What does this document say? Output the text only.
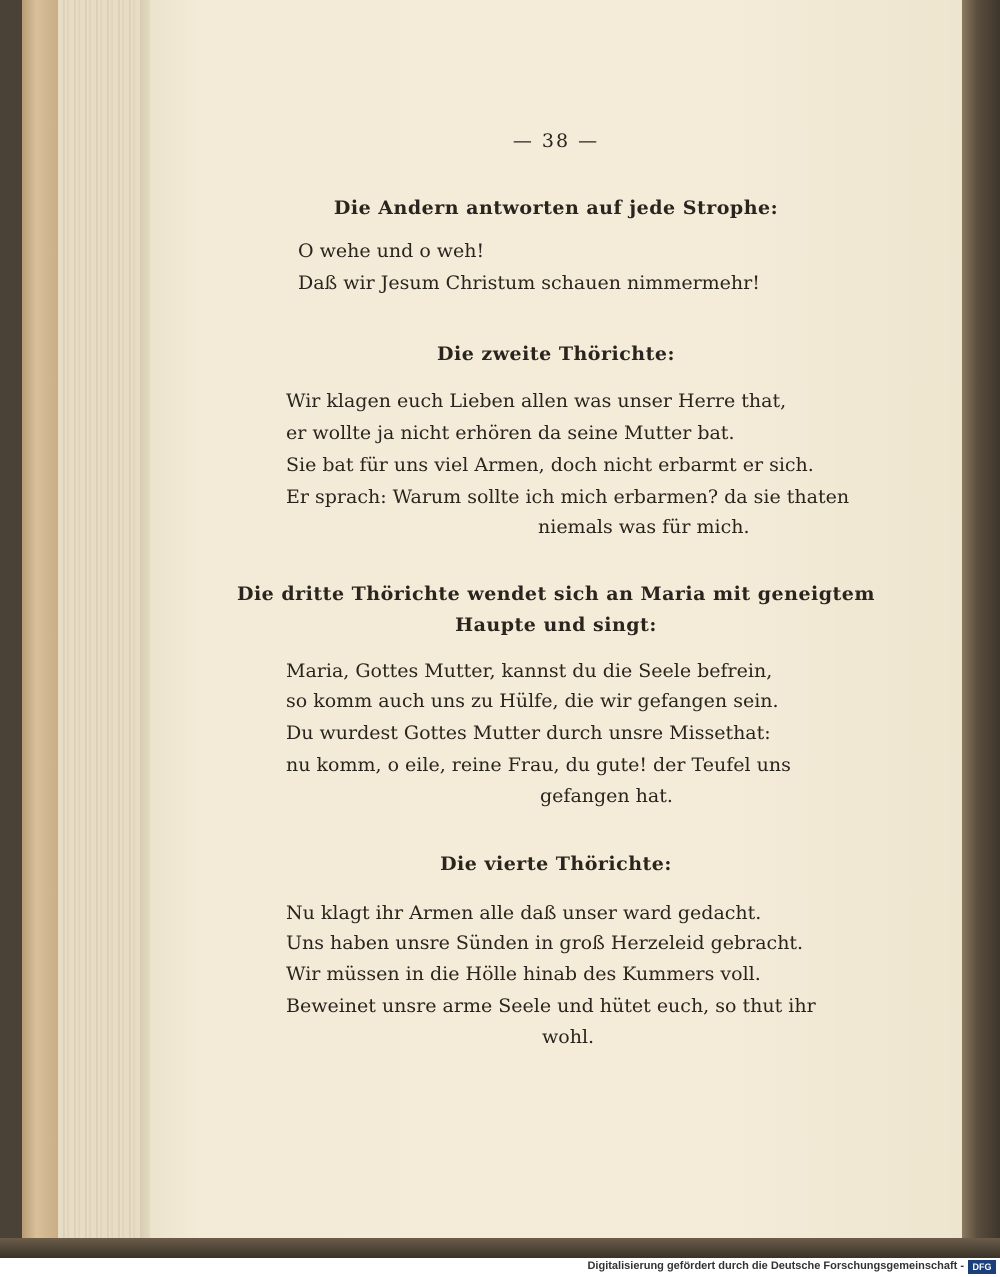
— 38 —
Die Andern antworten auf jede Strophe:
O wehe und o weh!
Daß wir Jesum Christum schauen nimmermehr!
Die zweite Thörichte:
Wir klagen euch Lieben allen was unser Herre that,
er wollte ja nicht erhören da seine Mutter bat.
Sie bat für uns viel Armen, doch nicht erbarmt er sich.
Er sprach: Warum sollte ich mich erbarmen? da sie thaten
niemals was für mich.
Die dritte Thörichte wendet sich an Maria mit geneigtem
Haupte und singt:
Maria, Gottes Mutter, kannst du die Seele befrein,
so komm auch uns zu Hülfe, die wir gefangen sein.
Du wurdest Gottes Mutter durch unsre Missethat:
nu komm, o eile, reine Frau, du gute! der Teufel uns
gefangen hat.
Die vierte Thörichte:
Nu klagt ihr Armen alle daß unser ward gedacht.
Uns haben unsre Sünden in groß Herzeleid gebracht.
Wir müssen in die Hölle hinab des Kummers voll.
Beweinet unsre arme Seele und hütet euch, so thut ihr
wohl.
Digitalisierung gefördert durch die Deutsche Forschungsgemeinschaft - DFG
